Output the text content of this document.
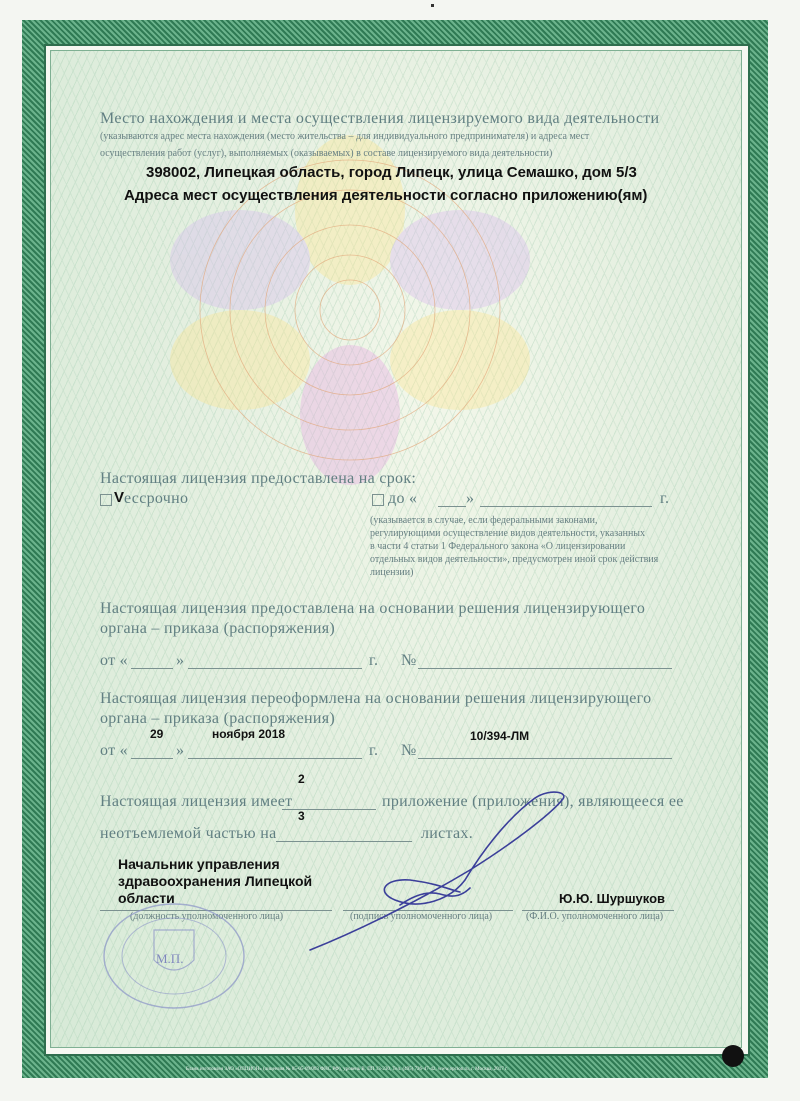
Место нахождения и места осуществления лицензируемого вида деятельности
(указываются адрес места нахождения (место жительства – для индивидуального предпринимателя) и адреса мест
осуществления работ (услуг), выполняемых (оказываемых) в составе лицензируемого вида деятельности)
398002, Липецкая область, город Липецк, улица Семашко, дом 5/3
Адреса мест осуществления деятельности согласно приложению(ям)
Настоящая лицензия предоставлена на срок:
V ессрочно	до «	»	г.
(указывается в случае, если федеральными законами,
регулирующими осуществление видов деятельности, указанных
в части 4 статьи 1 Федерального закона «О лицензировании
отдельных видов деятельности», предусмотрен иной срок действия
лицензии)
Настоящая лицензия предоставлена на основании решения лицензирующего
органа – приказа (распоряжения)
от «	»	г. №
Настоящая лицензия переоформлена на основании решения лицензирующего
органа – приказа (распоряжения)
29	ноября 2018	10/394-ЛМ
от «	»	г. №
2
Настоящая лицензия имеет	приложение (приложения), являющееся ее
3
неотъемлемой частью на	листах.
Начальник управления
здравоохранения Липецкой
области	Ю.Ю. Шуршуков
(должность уполномоченного лица)	(подпись уполномоченного лица)	(Ф.И.О. уполномоченного лица)
М.П.
Бланк изготовлен ЗАО «ОПЦИОН» (лицензия № 05-05-09/003 ФНС РФ), уровень В, ПП 13-230, Тел. (495) 726-47-42, www.opcion.ru, г. Москва, 2017 г.
